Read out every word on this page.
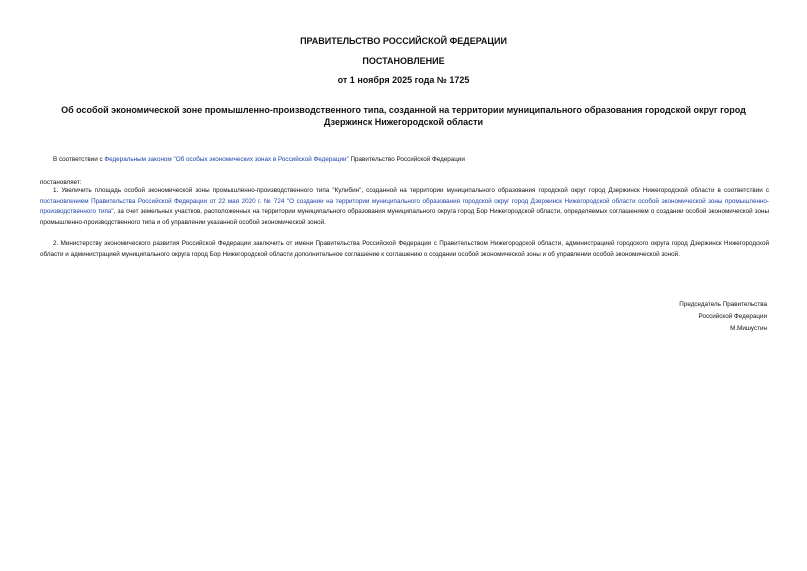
ПРАВИТЕЛЬСТВО РОССИЙСКОЙ ФЕДЕРАЦИИ
ПОСТАНОВЛЕНИЕ
от 1 ноября 2025 года № 1725
Об особой экономической зоне промышленно-производственного типа, созданной на территории муниципального образования городской округ город Дзержинск Нижегородской области
В соответствии с Федеральным законом "Об особых экономических зонах в Российской Федерации" Правительство Российской Федерации
постановляет:
1. Увеличить площадь особой экономической зоны промышленно-производственного типа "Кулибин", созданной на территории муниципального образования городской округ город Дзержинск Нижегородской области в соответствии с постановлением Правительства Российской Федерации от 22 мая 2020 г. № 724 "О создании на территории муниципального образования городской округ город Дзержинск Нижегородской области особой экономической зоны промышленно-производственного типа", за счет земельных участков, расположенных на территории муниципального образования муниципального округа город Бор Нижегородской области, определяемых соглашением о создании особой экономической зоны промышленно-производственного типа и об управлении указанной особой экономической зоной.
2. Министерству экономического развития Российской Федерации заключить от имени Правительства Российской Федерации с Правительством Нижегородской области, администрацией городского округа город Дзержинск Нижегородской области и администрацией муниципального округа город Бор Нижегородской области дополнительное соглашение к соглашению о создании особой экономической зоны и об управлении особой экономической зоной.
Председатель Правительства
Российской Федерации
М.Мишустин
